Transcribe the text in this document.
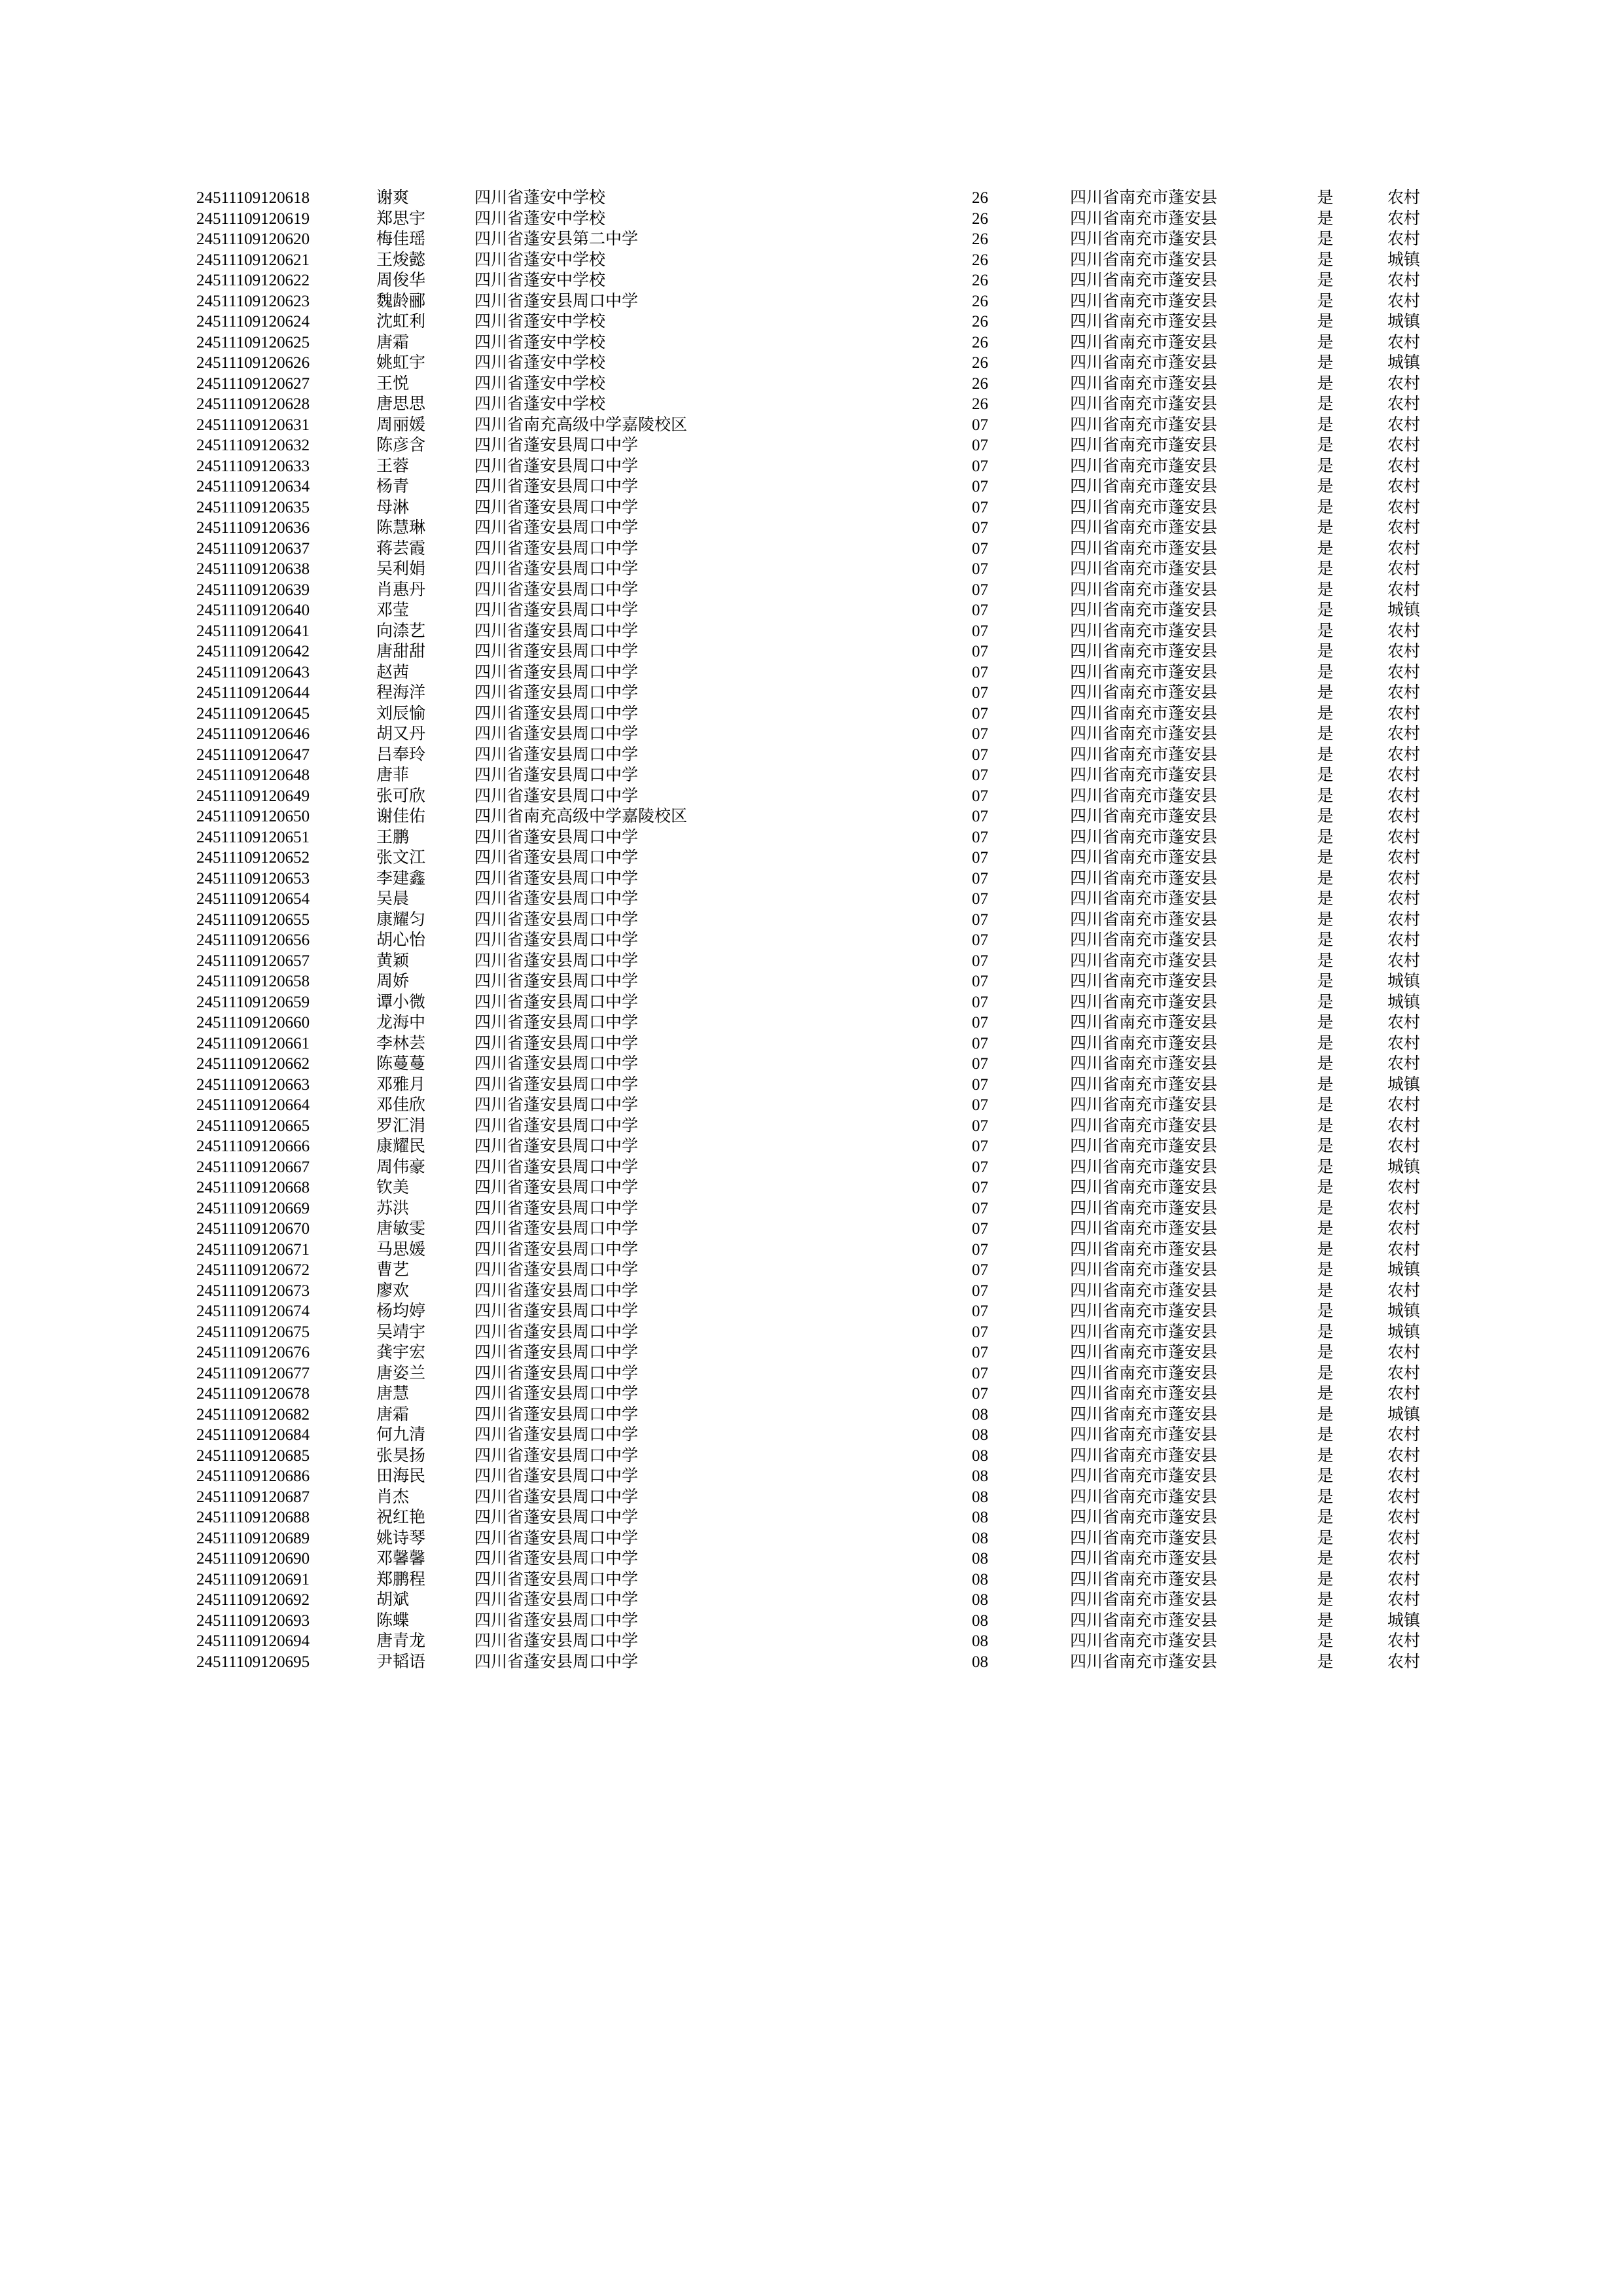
24511109120618	谢爽	四川省蓬安中学校	26	四川省南充市蓬安县	是	农村
24511109120619	郑思宇	四川省蓬安中学校	26	四川省南充市蓬安县	是	农村
24511109120620	梅佳瑶	四川省蓬安县第二中学	26	四川省南充市蓬安县	是	农村
24511109120621	王焌懿	四川省蓬安中学校	26	四川省南充市蓬安县	是	城镇
24511109120622	周俊华	四川省蓬安中学校	26	四川省南充市蓬安县	是	农村
24511109120623	魏龄郦	四川省蓬安县周口中学	26	四川省南充市蓬安县	是	农村
24511109120624	沈虹利	四川省蓬安中学校	26	四川省南充市蓬安县	是	城镇
24511109120625	唐霜	四川省蓬安中学校	26	四川省南充市蓬安县	是	农村
24511109120626	姚虹宇	四川省蓬安中学校	26	四川省南充市蓬安县	是	城镇
24511109120627	王悦	四川省蓬安中学校	26	四川省南充市蓬安县	是	农村
24511109120628	唐思思	四川省蓬安中学校	26	四川省南充市蓬安县	是	农村
24511109120631	周丽媛	四川省南充高级中学嘉陵校区	07	四川省南充市蓬安县	是	农村
24511109120632	陈彦含	四川省蓬安县周口中学	07	四川省南充市蓬安县	是	农村
24511109120633	王蓉	四川省蓬安县周口中学	07	四川省南充市蓬安县	是	农村
24511109120634	杨青	四川省蓬安县周口中学	07	四川省南充市蓬安县	是	农村
24511109120635	母淋	四川省蓬安县周口中学	07	四川省南充市蓬安县	是	农村
24511109120636	陈慧琳	四川省蓬安县周口中学	07	四川省南充市蓬安县	是	农村
24511109120637	蒋芸霞	四川省蓬安县周口中学	07	四川省南充市蓬安县	是	农村
24511109120638	吴利娟	四川省蓬安县周口中学	07	四川省南充市蓬安县	是	农村
24511109120639	肖惠丹	四川省蓬安县周口中学	07	四川省南充市蓬安县	是	农村
24511109120640	邓莹	四川省蓬安县周口中学	07	四川省南充市蓬安县	是	城镇
24511109120641	向渿艺	四川省蓬安县周口中学	07	四川省南充市蓬安县	是	农村
24511109120642	唐甜甜	四川省蓬安县周口中学	07	四川省南充市蓬安县	是	农村
24511109120643	赵茜	四川省蓬安县周口中学	07	四川省南充市蓬安县	是	农村
24511109120644	程海洋	四川省蓬安县周口中学	07	四川省南充市蓬安县	是	农村
24511109120645	刘辰愉	四川省蓬安县周口中学	07	四川省南充市蓬安县	是	农村
24511109120646	胡又丹	四川省蓬安县周口中学	07	四川省南充市蓬安县	是	农村
24511109120647	吕奉玲	四川省蓬安县周口中学	07	四川省南充市蓬安县	是	农村
24511109120648	唐菲	四川省蓬安县周口中学	07	四川省南充市蓬安县	是	农村
24511109120649	张可欣	四川省蓬安县周口中学	07	四川省南充市蓬安县	是	农村
24511109120650	谢佳佑	四川省南充高级中学嘉陵校区	07	四川省南充市蓬安县	是	农村
24511109120651	王鹏	四川省蓬安县周口中学	07	四川省南充市蓬安县	是	农村
24511109120652	张文江	四川省蓬安县周口中学	07	四川省南充市蓬安县	是	农村
24511109120653	李建鑫	四川省蓬安县周口中学	07	四川省南充市蓬安县	是	农村
24511109120654	吴晨	四川省蓬安县周口中学	07	四川省南充市蓬安县	是	农村
24511109120655	康耀匀	四川省蓬安县周口中学	07	四川省南充市蓬安县	是	农村
24511109120656	胡心怡	四川省蓬安县周口中学	07	四川省南充市蓬安县	是	农村
24511109120657	黄颖	四川省蓬安县周口中学	07	四川省南充市蓬安县	是	农村
24511109120658	周娇	四川省蓬安县周口中学	07	四川省南充市蓬安县	是	城镇
24511109120659	谭小微	四川省蓬安县周口中学	07	四川省南充市蓬安县	是	城镇
24511109120660	龙海中	四川省蓬安县周口中学	07	四川省南充市蓬安县	是	农村
24511109120661	李林芸	四川省蓬安县周口中学	07	四川省南充市蓬安县	是	农村
24511109120662	陈蔓蔓	四川省蓬安县周口中学	07	四川省南充市蓬安县	是	农村
24511109120663	邓雅月	四川省蓬安县周口中学	07	四川省南充市蓬安县	是	城镇
24511109120664	邓佳欣	四川省蓬安县周口中学	07	四川省南充市蓬安县	是	农村
24511109120665	罗汇涓	四川省蓬安县周口中学	07	四川省南充市蓬安县	是	农村
24511109120666	康耀民	四川省蓬安县周口中学	07	四川省南充市蓬安县	是	农村
24511109120667	周伟豪	四川省蓬安县周口中学	07	四川省南充市蓬安县	是	城镇
24511109120668	钦美	四川省蓬安县周口中学	07	四川省南充市蓬安县	是	农村
24511109120669	苏洪	四川省蓬安县周口中学	07	四川省南充市蓬安县	是	农村
24511109120670	唐敏雯	四川省蓬安县周口中学	07	四川省南充市蓬安县	是	农村
24511109120671	马思媛	四川省蓬安县周口中学	07	四川省南充市蓬安县	是	农村
24511109120672	曹艺	四川省蓬安县周口中学	07	四川省南充市蓬安县	是	城镇
24511109120673	廖欢	四川省蓬安县周口中学	07	四川省南充市蓬安县	是	农村
24511109120674	杨均婷	四川省蓬安县周口中学	07	四川省南充市蓬安县	是	城镇
24511109120675	吴靖宇	四川省蓬安县周口中学	07	四川省南充市蓬安县	是	城镇
24511109120676	龚宇宏	四川省蓬安县周口中学	07	四川省南充市蓬安县	是	农村
24511109120677	唐姿兰	四川省蓬安县周口中学	07	四川省南充市蓬安县	是	农村
24511109120678	唐慧	四川省蓬安县周口中学	07	四川省南充市蓬安县	是	农村
24511109120682	唐霜	四川省蓬安县周口中学	08	四川省南充市蓬安县	是	城镇
24511109120684	何九清	四川省蓬安县周口中学	08	四川省南充市蓬安县	是	农村
24511109120685	张昊扬	四川省蓬安县周口中学	08	四川省南充市蓬安县	是	农村
24511109120686	田海民	四川省蓬安县周口中学	08	四川省南充市蓬安县	是	农村
24511109120687	肖杰	四川省蓬安县周口中学	08	四川省南充市蓬安县	是	农村
24511109120688	祝红艳	四川省蓬安县周口中学	08	四川省南充市蓬安县	是	农村
24511109120689	姚诗琴	四川省蓬安县周口中学	08	四川省南充市蓬安县	是	农村
24511109120690	邓馨馨	四川省蓬安县周口中学	08	四川省南充市蓬安县	是	农村
24511109120691	郑鹏程	四川省蓬安县周口中学	08	四川省南充市蓬安县	是	农村
24511109120692	胡斌	四川省蓬安县周口中学	08	四川省南充市蓬安县	是	农村
24511109120693	陈蝶	四川省蓬安县周口中学	08	四川省南充市蓬安县	是	城镇
24511109120694	唐青龙	四川省蓬安县周口中学	08	四川省南充市蓬安县	是	农村
24511109120695	尹韬语	四川省蓬安县周口中学	08	四川省南充市蓬安县	是	农村
